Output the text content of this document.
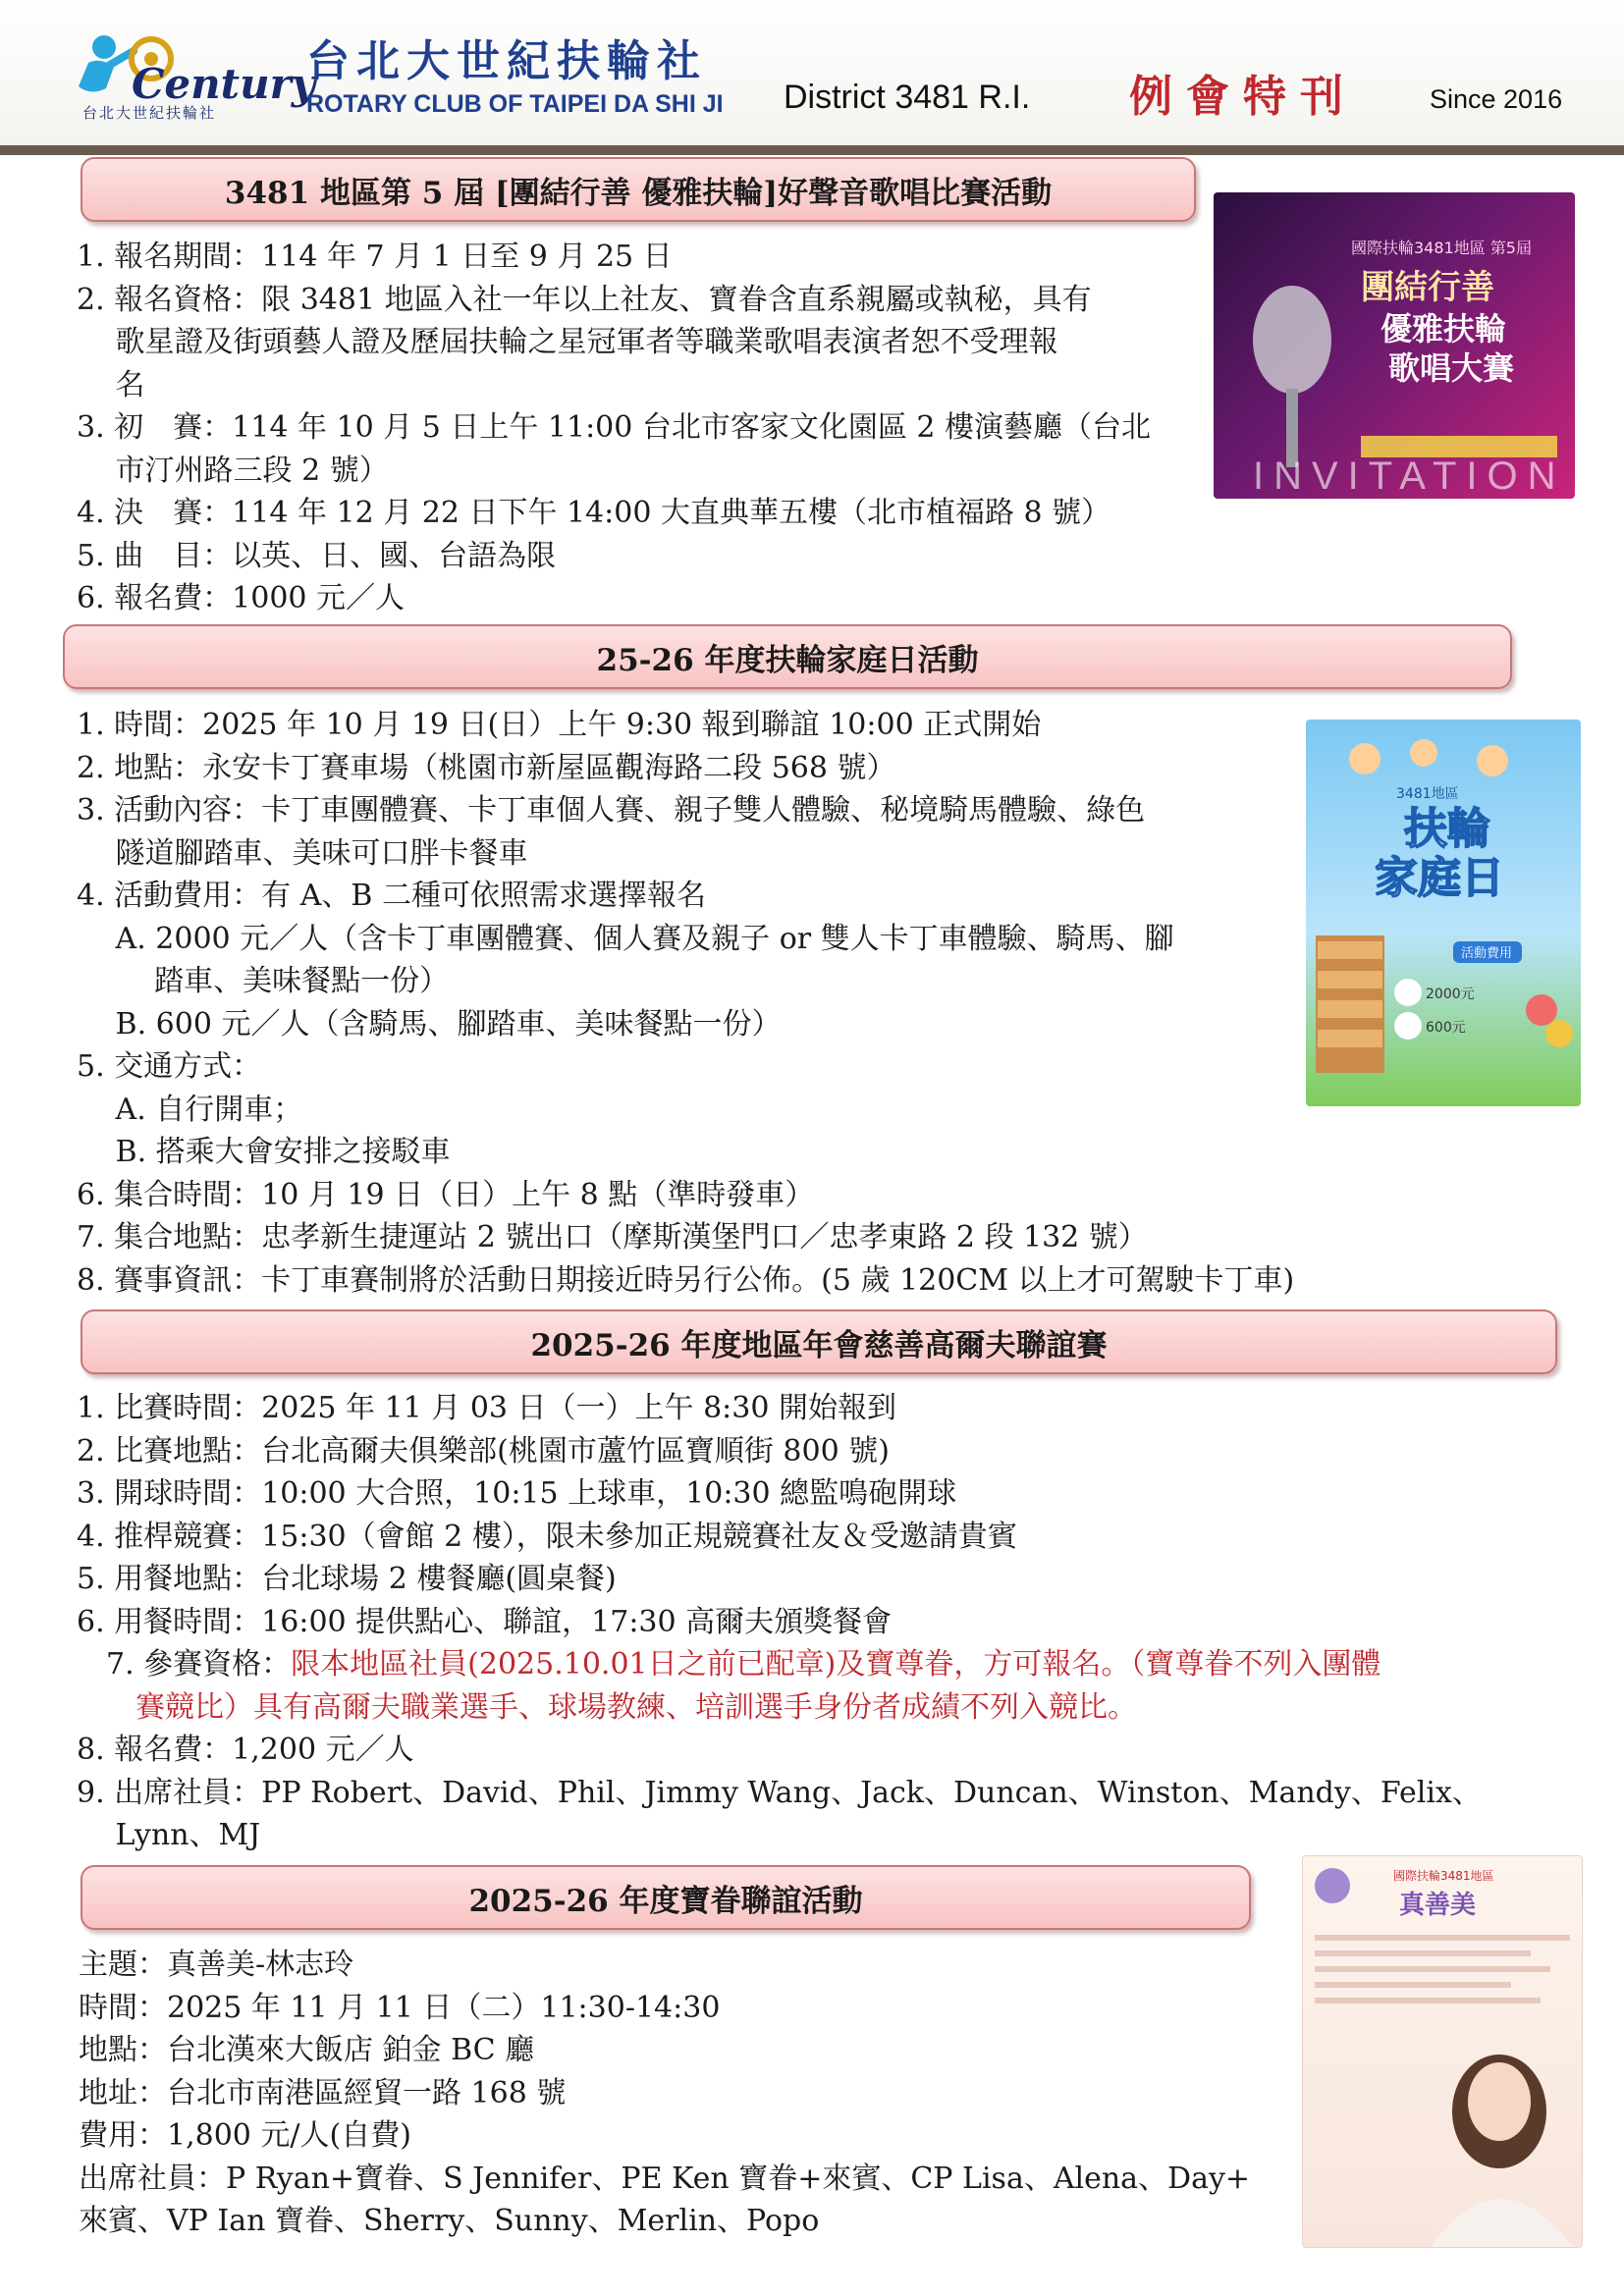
Century
台北大世紀扶輪社
台北大世紀扶輪社
ROTARY CLUB OF TAIPEI DA SHI JI District 3481 R.I. 例會特刊	Since 2016
3481 地區第 5 屆 [團結行善 優雅扶輪]好聲音歌唱比賽活動
1. 報名期間：114 年 7 月 1 日至 9 月 25 日
2. 報名資格：限 3481 地區入社一年以上社友、寶眷含直系親屬或執秘，具有
　 歌星證及街頭藝人證及歷屆扶輪之星冠軍者等職業歌唱表演者恕不受理報
　 名
3. 初　賽：114 年 10 月 5 日上午 11:00 台北市客家文化園區 2 樓演藝廳（台北
　 市汀州路三段 2 號）
4. 決　賽：114 年 12 月 22 日下午 14:00 大直典華五樓（北市植福路 8 號）
5. 曲　目：以英、日、國、台語為限
6. 報名費：1000 元／人
國際扶輪3481地區 第5屆
團結行善
優雅扶輪
歌唱大賽
INVITATION
25-26 年度扶輪家庭日活動
1. 時間：2025 年 10 月 19 日(日）上午 9:30 報到聯誼 10:00 正式開始
2. 地點：永安卡丁賽車場（桃園市新屋區觀海路二段 568 號）
3. 活動內容：卡丁車團體賽、卡丁車個人賽、親子雙人體驗、秘境騎馬體驗、綠色
　 隧道腳踏車、美味可口胖卡餐車
4. 活動費用：有 A、B 二種可依照需求選擇報名
　 A. 2000 元／人（含卡丁車團體賽、個人賽及親子 or 雙人卡丁車體驗、騎馬、腳
　 　 踏車、美味餐點一份）
　 B. 600 元／人（含騎馬、腳踏車、美味餐點一份）
5. 交通方式：
　 A. 自行開車；
　 B. 搭乘大會安排之接駁車
6. 集合時間：10 月 19 日（日）上午 8 點（準時發車）
7. 集合地點：忠孝新生捷運站 2 號出口（摩斯漢堡門口／忠孝東路 2 段 132 號）
8. 賽事資訊：卡丁車賽制將於活動日期接近時另行公佈。(5 歲 120CM 以上才可駕駛卡丁車)
3481地區
扶輪
家庭日
活動費用
2000元
600元
2025-26 年度地區年會慈善高爾夫聯誼賽
1. 比賽時間：2025 年 11 月 03 日（一）上午 8:30 開始報到
2. 比賽地點：台北高爾夫俱樂部(桃園市蘆竹區寶順街 800 號)
3. 開球時間：10:00 大合照，10:15 上球車，10:30 總監鳴砲開球
4. 推桿競賽：15:30（會館 2 樓），限未參加正規競賽社友＆受邀請貴賓
5. 用餐地點：台北球場 2 樓餐廳(圓桌餐)
6. 用餐時間：16:00 提供點心、聯誼，17:30 高爾夫頒獎餐會
　7. 參賽資格：限本地區社員(2025.10.01日之前已配章)及寶尊眷，方可報名。（寶尊眷不列入團體
　　賽競比）具有高爾夫職業選手、球場教練、培訓選手身份者成績不列入競比。
8. 報名費：1,200 元／人
9. 出席社員：PP Robert、David、Phil、Jimmy Wang、Jack、Duncan、Winston、Mandy、Felix、
　 Lynn、MJ
2025-26 年度寶眷聯誼活動
主題：真善美-林志玲
時間：2025 年 11 月 11 日（二）11:30-14:30
地點：台北漢來大飯店 鉑金 BC 廳
地址：台北市南港區經貿一路 168 號
費用：1,800 元/人(自費)
出席社員：P Ryan+寶眷、S Jennifer、PE Ken 寶眷+來賓、CP Lisa、Alena、Day+
來賓、VP Ian 寶眷、Sherry、Sunny、Merlin、Popo
國際扶輪3481地區
真善美
